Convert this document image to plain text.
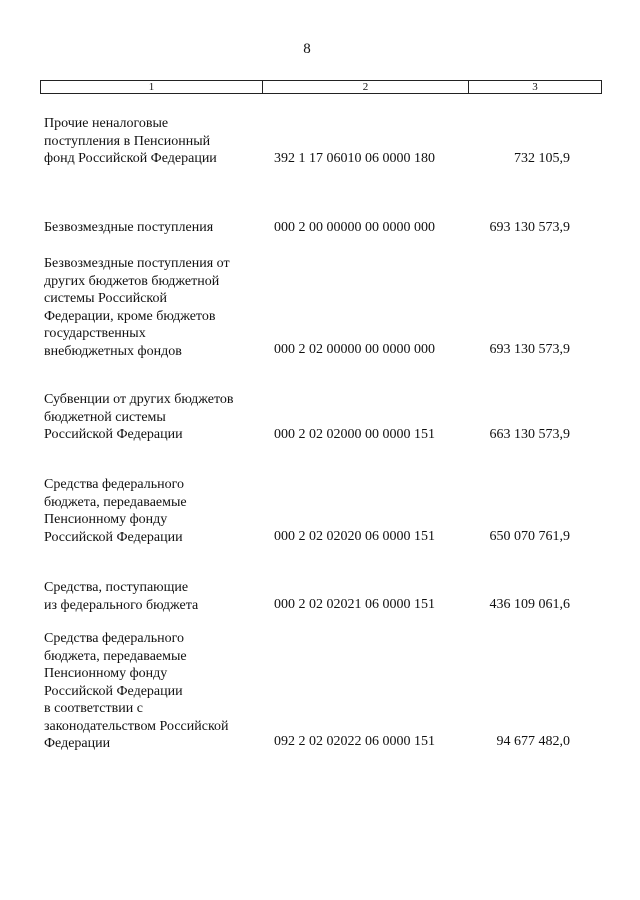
8
1	2	3
Прочие неналоговые
поступления в Пенсионный
фонд Российской Федерации	392 1 17 06010 06 0000 180	732 105,9
Безвозмездные поступления	000 2 00 00000 00 0000 000	693 130 573,9
Безвозмездные поступления от
других бюджетов бюджетной
системы Российской
Федерации, кроме бюджетов
государственных
внебюджетных фондов	000 2 02 00000 00 0000 000	693 130 573,9
Субвенции от других бюджетов
бюджетной системы
Российской Федерации	000 2 02 02000 00 0000 151	663 130 573,9
Средства федерального
бюджета, передаваемые
Пенсионному фонду
Российской Федерации	000 2 02 02020 06 0000 151	650 070 761,9
Средства, поступающие
из федерального бюджета	000 2 02 02021 06 0000 151	436 109 061,6
Средства федерального
бюджета, передаваемые
Пенсионному фонду
Российской Федерации
в соответствии с
законодательством Российской
Федерации	092 2 02 02022 06 0000 151	94 677 482,0
